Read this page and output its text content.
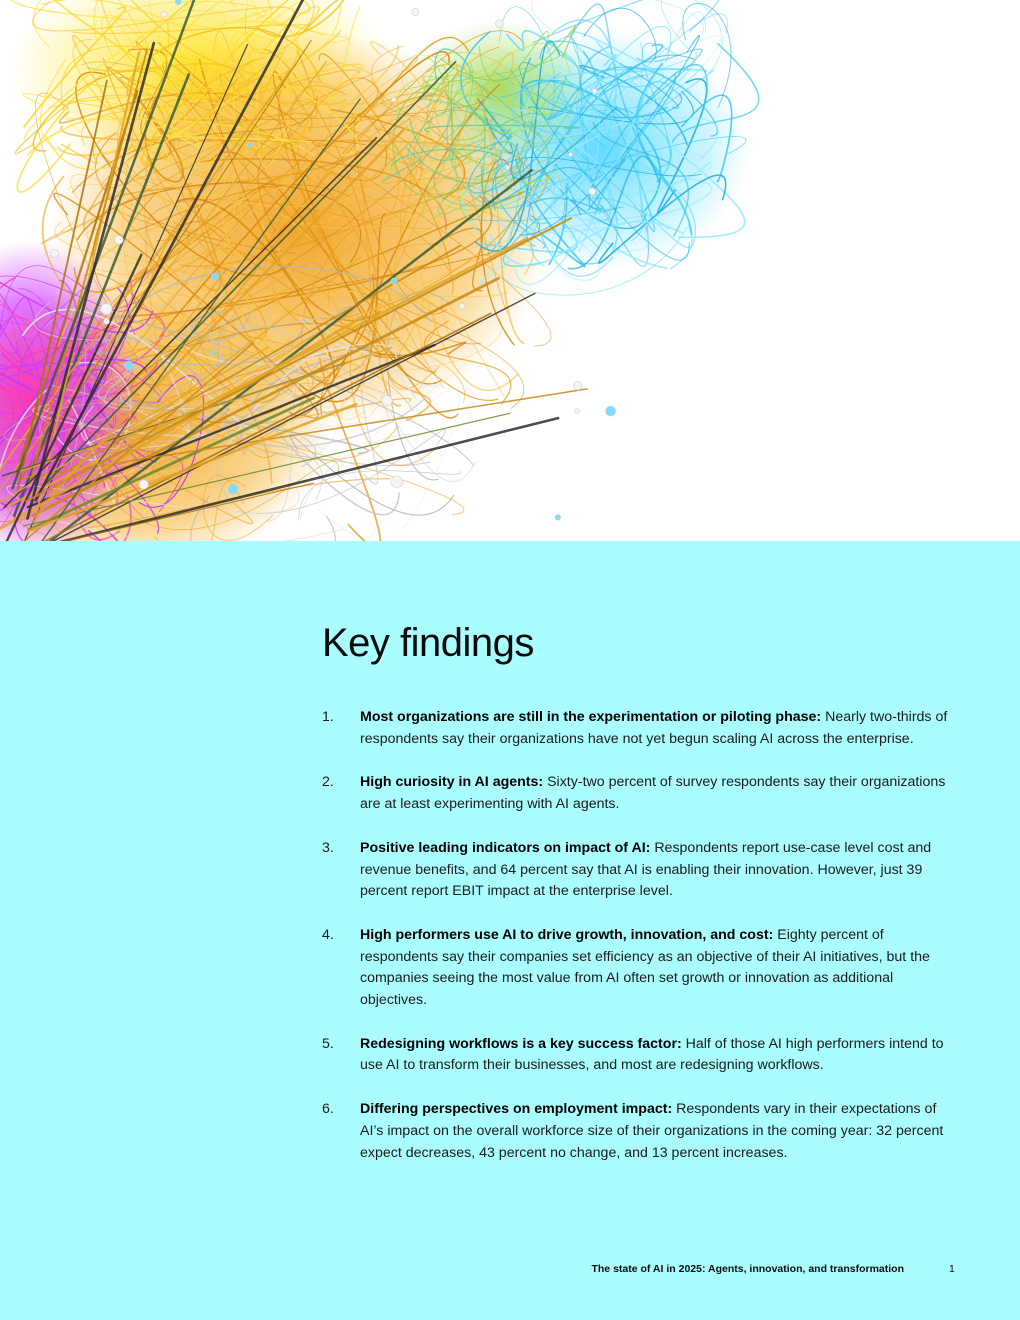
Key findings
1. Most organizations are still in the experimentation or piloting phase: Nearly two-thirds of respondents say their organizations have not yet begun scaling AI across the enterprise.
2. High curiosity in AI agents: Sixty-two percent of survey respondents say their organizations are at least experimenting with AI agents.
3. Positive leading indicators on impact of AI: Respondents report use-case level cost and revenue benefits, and 64 percent say that AI is enabling their innovation. However, just 39 percent report EBIT impact at the enterprise level.
4. High performers use AI to drive growth, innovation, and cost: Eighty percent of respondents say their companies set efficiency as an objective of their AI initiatives, but the companies seeing the most value from AI often set growth or innovation as additional objectives.
5. Redesigning workflows is a key success factor: Half of those AI high performers intend to use AI to transform their businesses, and most are redesigning workflows.
6. Differing perspectives on employment impact: Respondents vary in their expectations of AI’s impact on the overall workforce size of their organizations in the coming year: 32 percent expect decreases, 43 percent no change, and 13 percent increases.
The state of AI in 2025: Agents, innovation, and transformation	1
